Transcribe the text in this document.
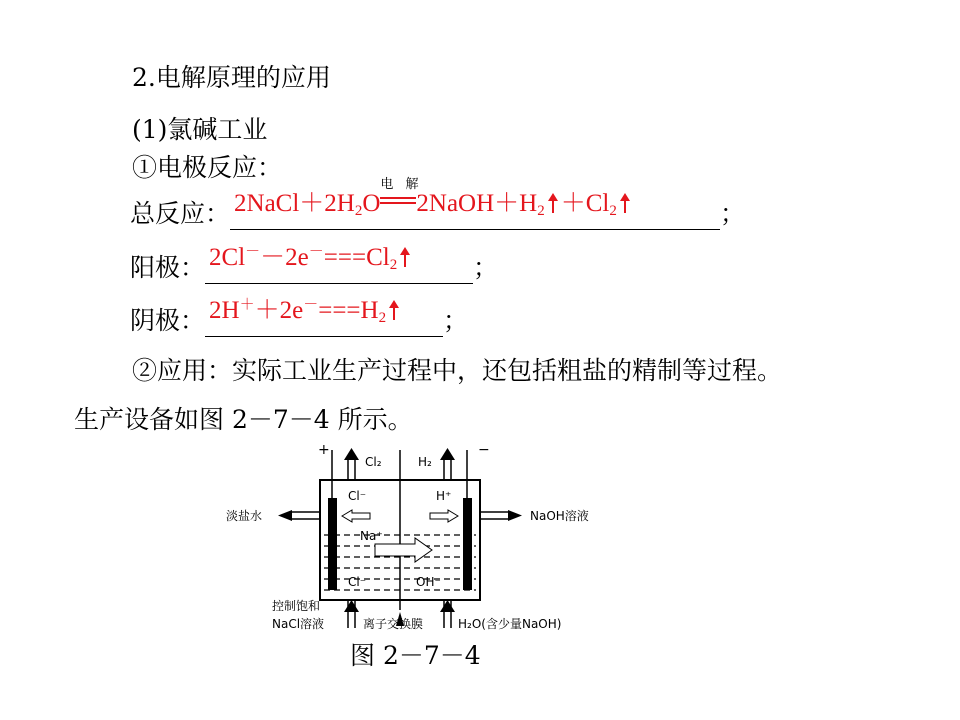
2.电解原理的应用
(1)氯碱工业
①电极反应：
总反应： $2NaCl+2H_2O$
电 解
$2NaOH+H_2 +Cl_2$	；
阳极： $2Cl^--2e^-===Cl_2$	；
阴极： $2H^++2e^-===H_2$	；
②应用：实际工业生产过程中，还包括粗盐的精制等过程。
生产设备如图 2－7－4 所示。
+	−
Cl₂	H₂
Cl⁻	H⁺
Na⁺
Cl⁻	OH⁻
淡盐水	NaOH溶液
控制饱和
NaCl溶液	离子交换膜	H₂O(含少量NaOH)
图 2－7－4
